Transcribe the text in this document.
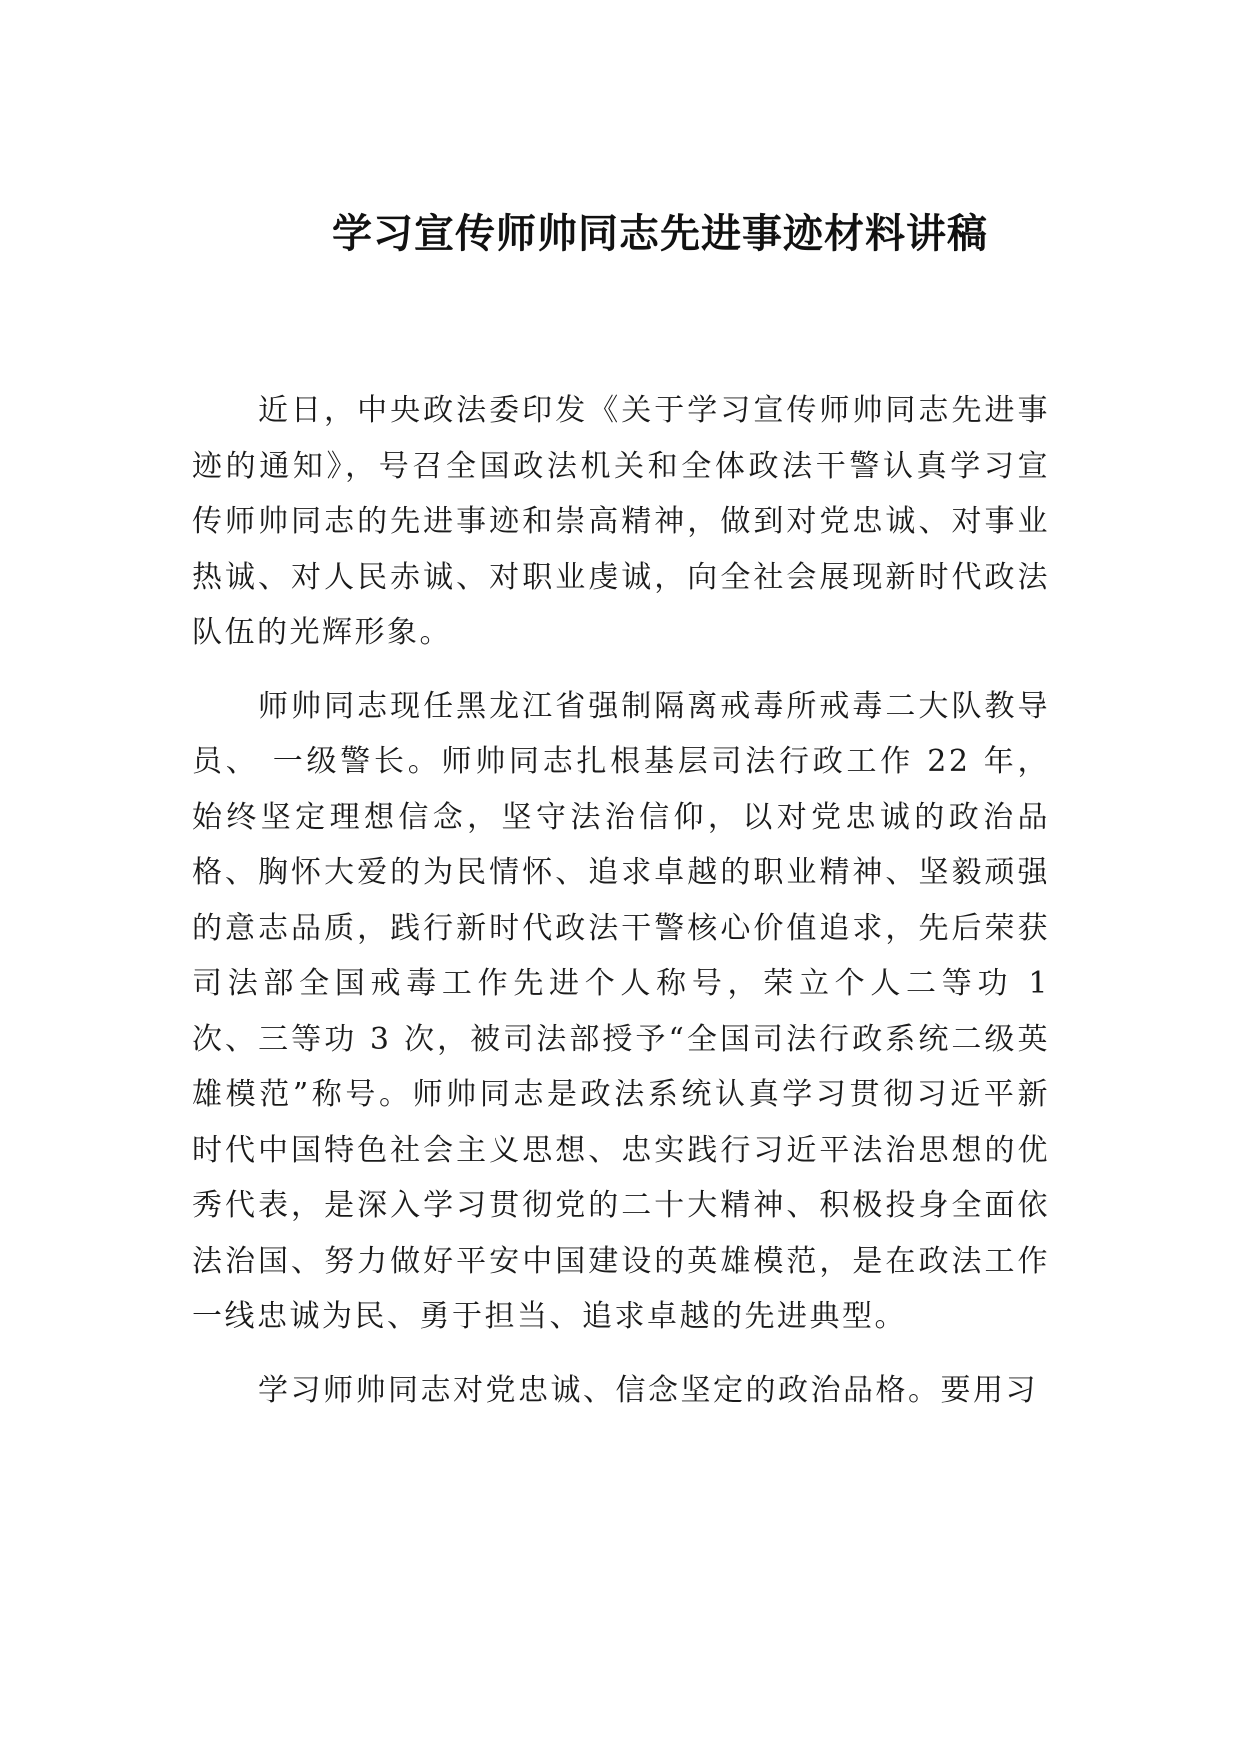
学习宣传师帅同志先进事迹材料讲稿

近日，中央政法委印发《关于学习宣传师帅同志先进事迹的通知》，号召全国政法机关和全体政法干警认真学习宣传师帅同志的先进事迹和崇高精神，做到对党忠诚、对事业热诚、对人民赤诚、对职业虔诚，向全社会展现新时代政法队伍的光辉形象。

师帅同志现任黑龙江省强制隔离戒毒所戒毒二大队教导员、 一级警长。师帅同志扎根基层司法行政工作 22 年，始终坚定理想信念，坚守法治信仰，以对党忠诚的政治品格、胸怀大爱的为民情怀、追求卓越的职业精神、坚毅顽强的意志品质，践行新时代政法干警核心价值追求，先后荣获司法部全国戒毒工作先进个人称号，荣立个人二等功 1 次、三等功 3 次，被司法部授予“全国司法行政系统二级英雄模范”称号。师帅同志是政法系统认真学习贯彻习近平新时代中国特色社会主义思想、忠实践行习近平法治思想的优秀代表，是深入学习贯彻党的二十大精神、积极投身全面依法治国、努力做好平安中国建设的英雄模范，是在政法工作一线忠诚为民、勇于担当、追求卓越的先进典型。

学习师帅同志对党忠诚、信念坚定的政治品格。要用习
